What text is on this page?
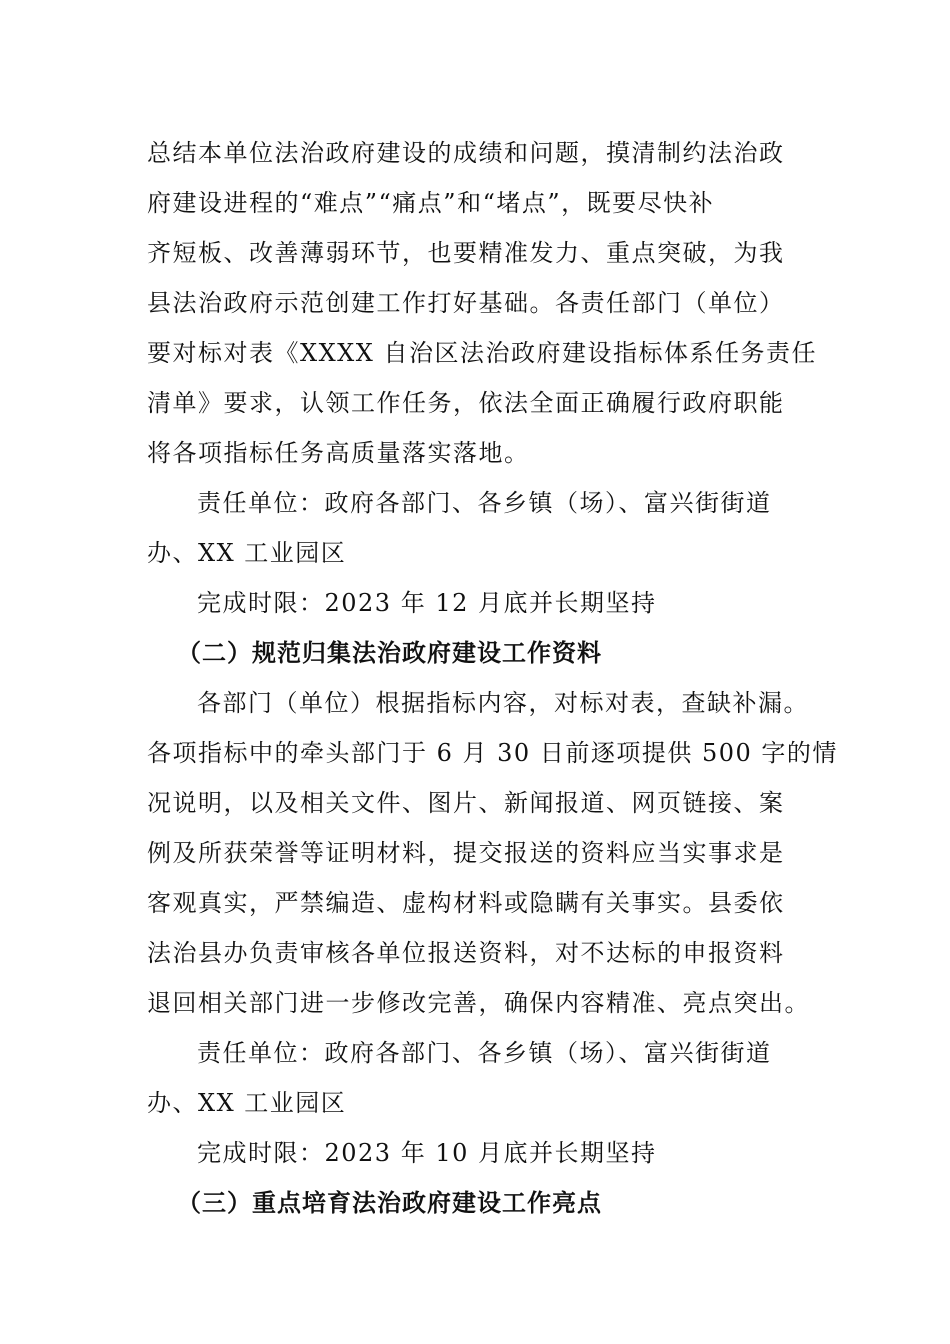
总结本单位法治政府建设的成绩和问题，摸清制约法治政
府建设进程的“难点”“痛点”和“堵点”，既要尽快补
齐短板、改善薄弱环节，也要精准发力、重点突破，为我
县法治政府示范创建工作打好基础。各责任部门（单位）
要对标对表《XXXX 自治区法治政府建设指标体系任务责任
清单》要求，认领工作任务，依法全面正确履行政府职能
将各项指标任务高质量落实落地。
责任单位：政府各部门、各乡镇（场）、富兴街街道
办、XX 工业园区
完成时限：2023 年 12 月底并长期坚持
（二）规范归集法治政府建设工作资料
各部门（单位）根据指标内容，对标对表，查缺补漏。
各项指标中的牵头部门于 6 月 30 日前逐项提供 500 字的情
况说明，以及相关文件、图片、新闻报道、网页链接、案
例及所获荣誉等证明材料，提交报送的资料应当实事求是
客观真实，严禁编造、虚构材料或隐瞒有关事实。县委依
法治县办负责审核各单位报送资料，对不达标的申报资料
退回相关部门进一步修改完善，确保内容精准、亮点突出。
责任单位：政府各部门、各乡镇（场）、富兴街街道
办、XX 工业园区
完成时限：2023 年 10 月底并长期坚持
（三）重点培育法治政府建设工作亮点
